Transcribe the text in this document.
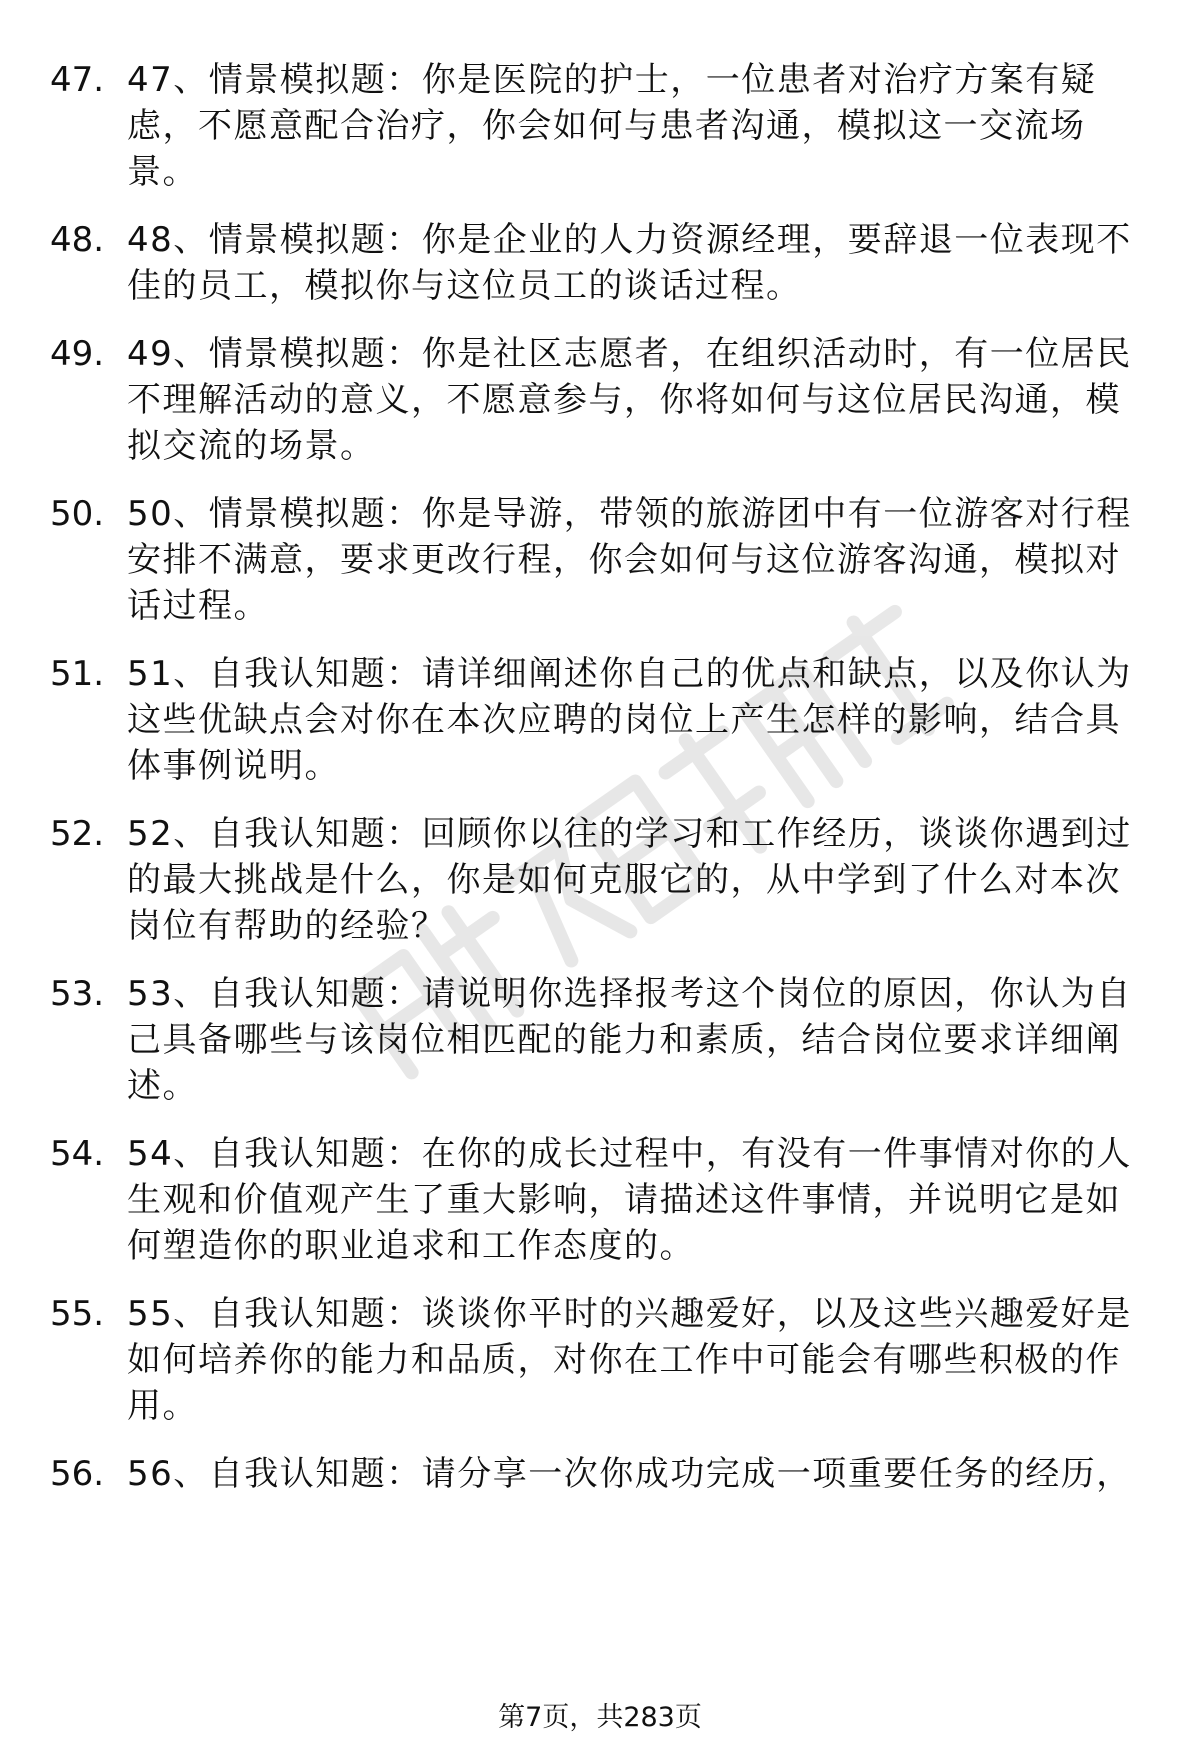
47. 47、情景模拟题：你是医院的护士，一位患者对治疗方案有疑虑，不愿意配合治疗，你会如何与患者沟通，模拟这一交流场景。
48. 48、情景模拟题：你是企业的人力资源经理，要辞退一位表现不佳的员工，模拟你与这位员工的谈话过程。
49. 49、情景模拟题：你是社区志愿者，在组织活动时，有一位居民不理解活动的意义，不愿意参与，你将如何与这位居民沟通，模拟交流的场景。
50. 50、情景模拟题：你是导游，带领的旅游团中有一位游客对行程安排不满意，要求更改行程，你会如何与这位游客沟通，模拟对话过程。
51. 51、自我认知题：请详细阐述你自己的优点和缺点，以及你认为这些优缺点会对你在本次应聘的岗位上产生怎样的影响，结合具体事例说明。
52. 52、自我认知题：回顾你以往的学习和工作经历，谈谈你遇到过的最大挑战是什么，你是如何克服它的，从中学到了什么对本次岗位有帮助的经验？
53. 53、自我认知题：请说明你选择报考这个岗位的原因，你认为自己具备哪些与该岗位相匹配的能力和素质，结合岗位要求详细阐述。
54. 54、自我认知题：在你的成长过程中，有没有一件事情对你的人生观和价值观产生了重大影响，请描述这件事情，并说明它是如何塑造你的职业追求和工作态度的。
55. 55、自我认知题：谈谈你平时的兴趣爱好，以及这些兴趣爱好是如何培养你的能力和品质，对你在工作中可能会有哪些积极的作用。
56. 56、自我认知题：请分享一次你成功完成一项重要任务的经历，
第7页，共283页
